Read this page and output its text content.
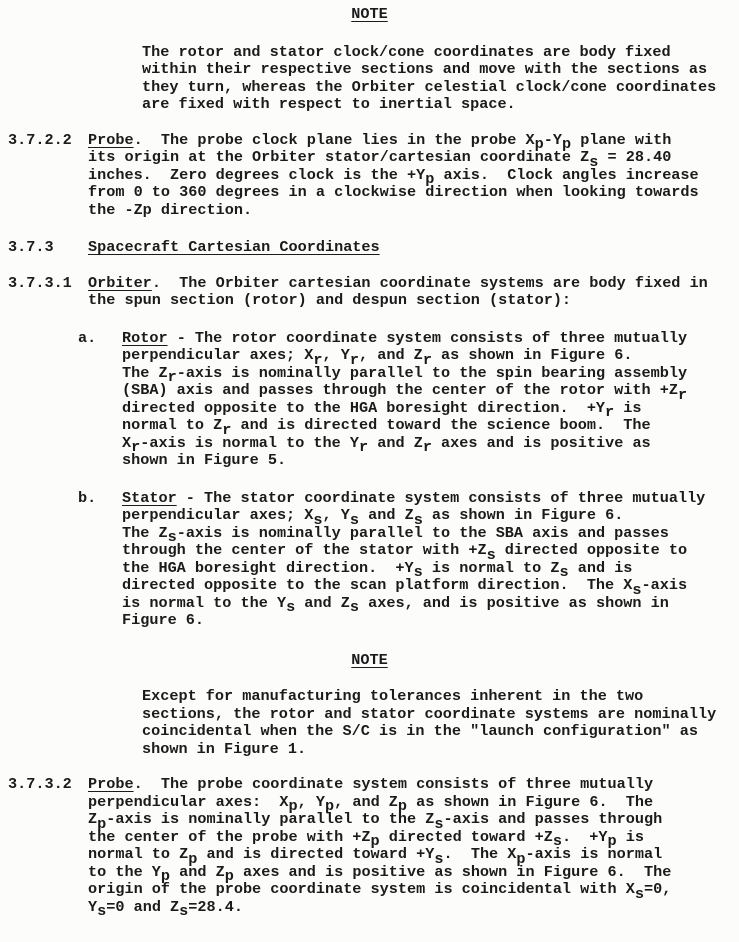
NOTE
The rotor and stator clock/cone coordinates are body fixed
within their respective sections and move with the sections as
they turn, whereas the Orbiter celestial clock/cone coordinates
are fixed with respect to inertial space.
3.7.2.2 Probe.  The probe clock plane lies in the probe Xp-Yp plane with
its origin at the Orbiter stator/cartesian coordinate Zs = 28.40
inches.  Zero degrees clock is the +Yp axis.  Clock angles increase
from 0 to 360 degrees in a clockwise direction when looking towards
the -Zp direction.
3.7.3 Spacecraft Cartesian Coordinates
3.7.3.1 Orbiter.  The Orbiter cartesian coordinate systems are body fixed in
the spun section (rotor) and despun section (stator):
a. Rotor - The rotor coordinate system consists of three mutually
perpendicular axes; Xr, Yr, and Zr as shown in Figure 6.
The Zr-axis is nominally parallel to the spin bearing assembly
(SBA) axis and passes through the center of the rotor with +Zr
directed opposite to the HGA boresight direction.  +Yr is
normal to Zr and is directed toward the science boom.  The
Xr-axis is normal to the Yr and Zr axes and is positive as
shown in Figure 5.
b. Stator - The stator coordinate system consists of three mutually
perpendicular axes; Xs, Ys and Zs as shown in Figure 6.
The Zs-axis is nominally parallel to the SBA axis and passes
through the center of the stator with +Zs directed opposite to
the HGA boresight direction.  +Ys is normal to Zs and is
directed opposite to the scan platform direction.  The Xs-axis
is normal to the Ys and Zs axes, and is positive as shown in
Figure 6.
NOTE
Except for manufacturing tolerances inherent in the two
sections, the rotor and stator coordinate systems are nominally
coincidental when the S/C is in the "launch configuration" as
shown in Figure 1.
3.7.3.2 Probe.  The probe coordinate system consists of three mutually
perpendicular axes:  Xp, Yp, and Zp as shown in Figure 6.  The
Zp-axis is nominally parallel to the Zs-axis and passes through
the center of the probe with +Zp directed toward +Zs.  +Yp is
normal to Zp and is directed toward +Ys.  The Xp-axis is normal
to the Yp and Zp axes and is positive as shown in Figure 6.  The
origin of the probe coordinate system is coincidental with Xs=0,
Ys=0 and Zs=28.4.
